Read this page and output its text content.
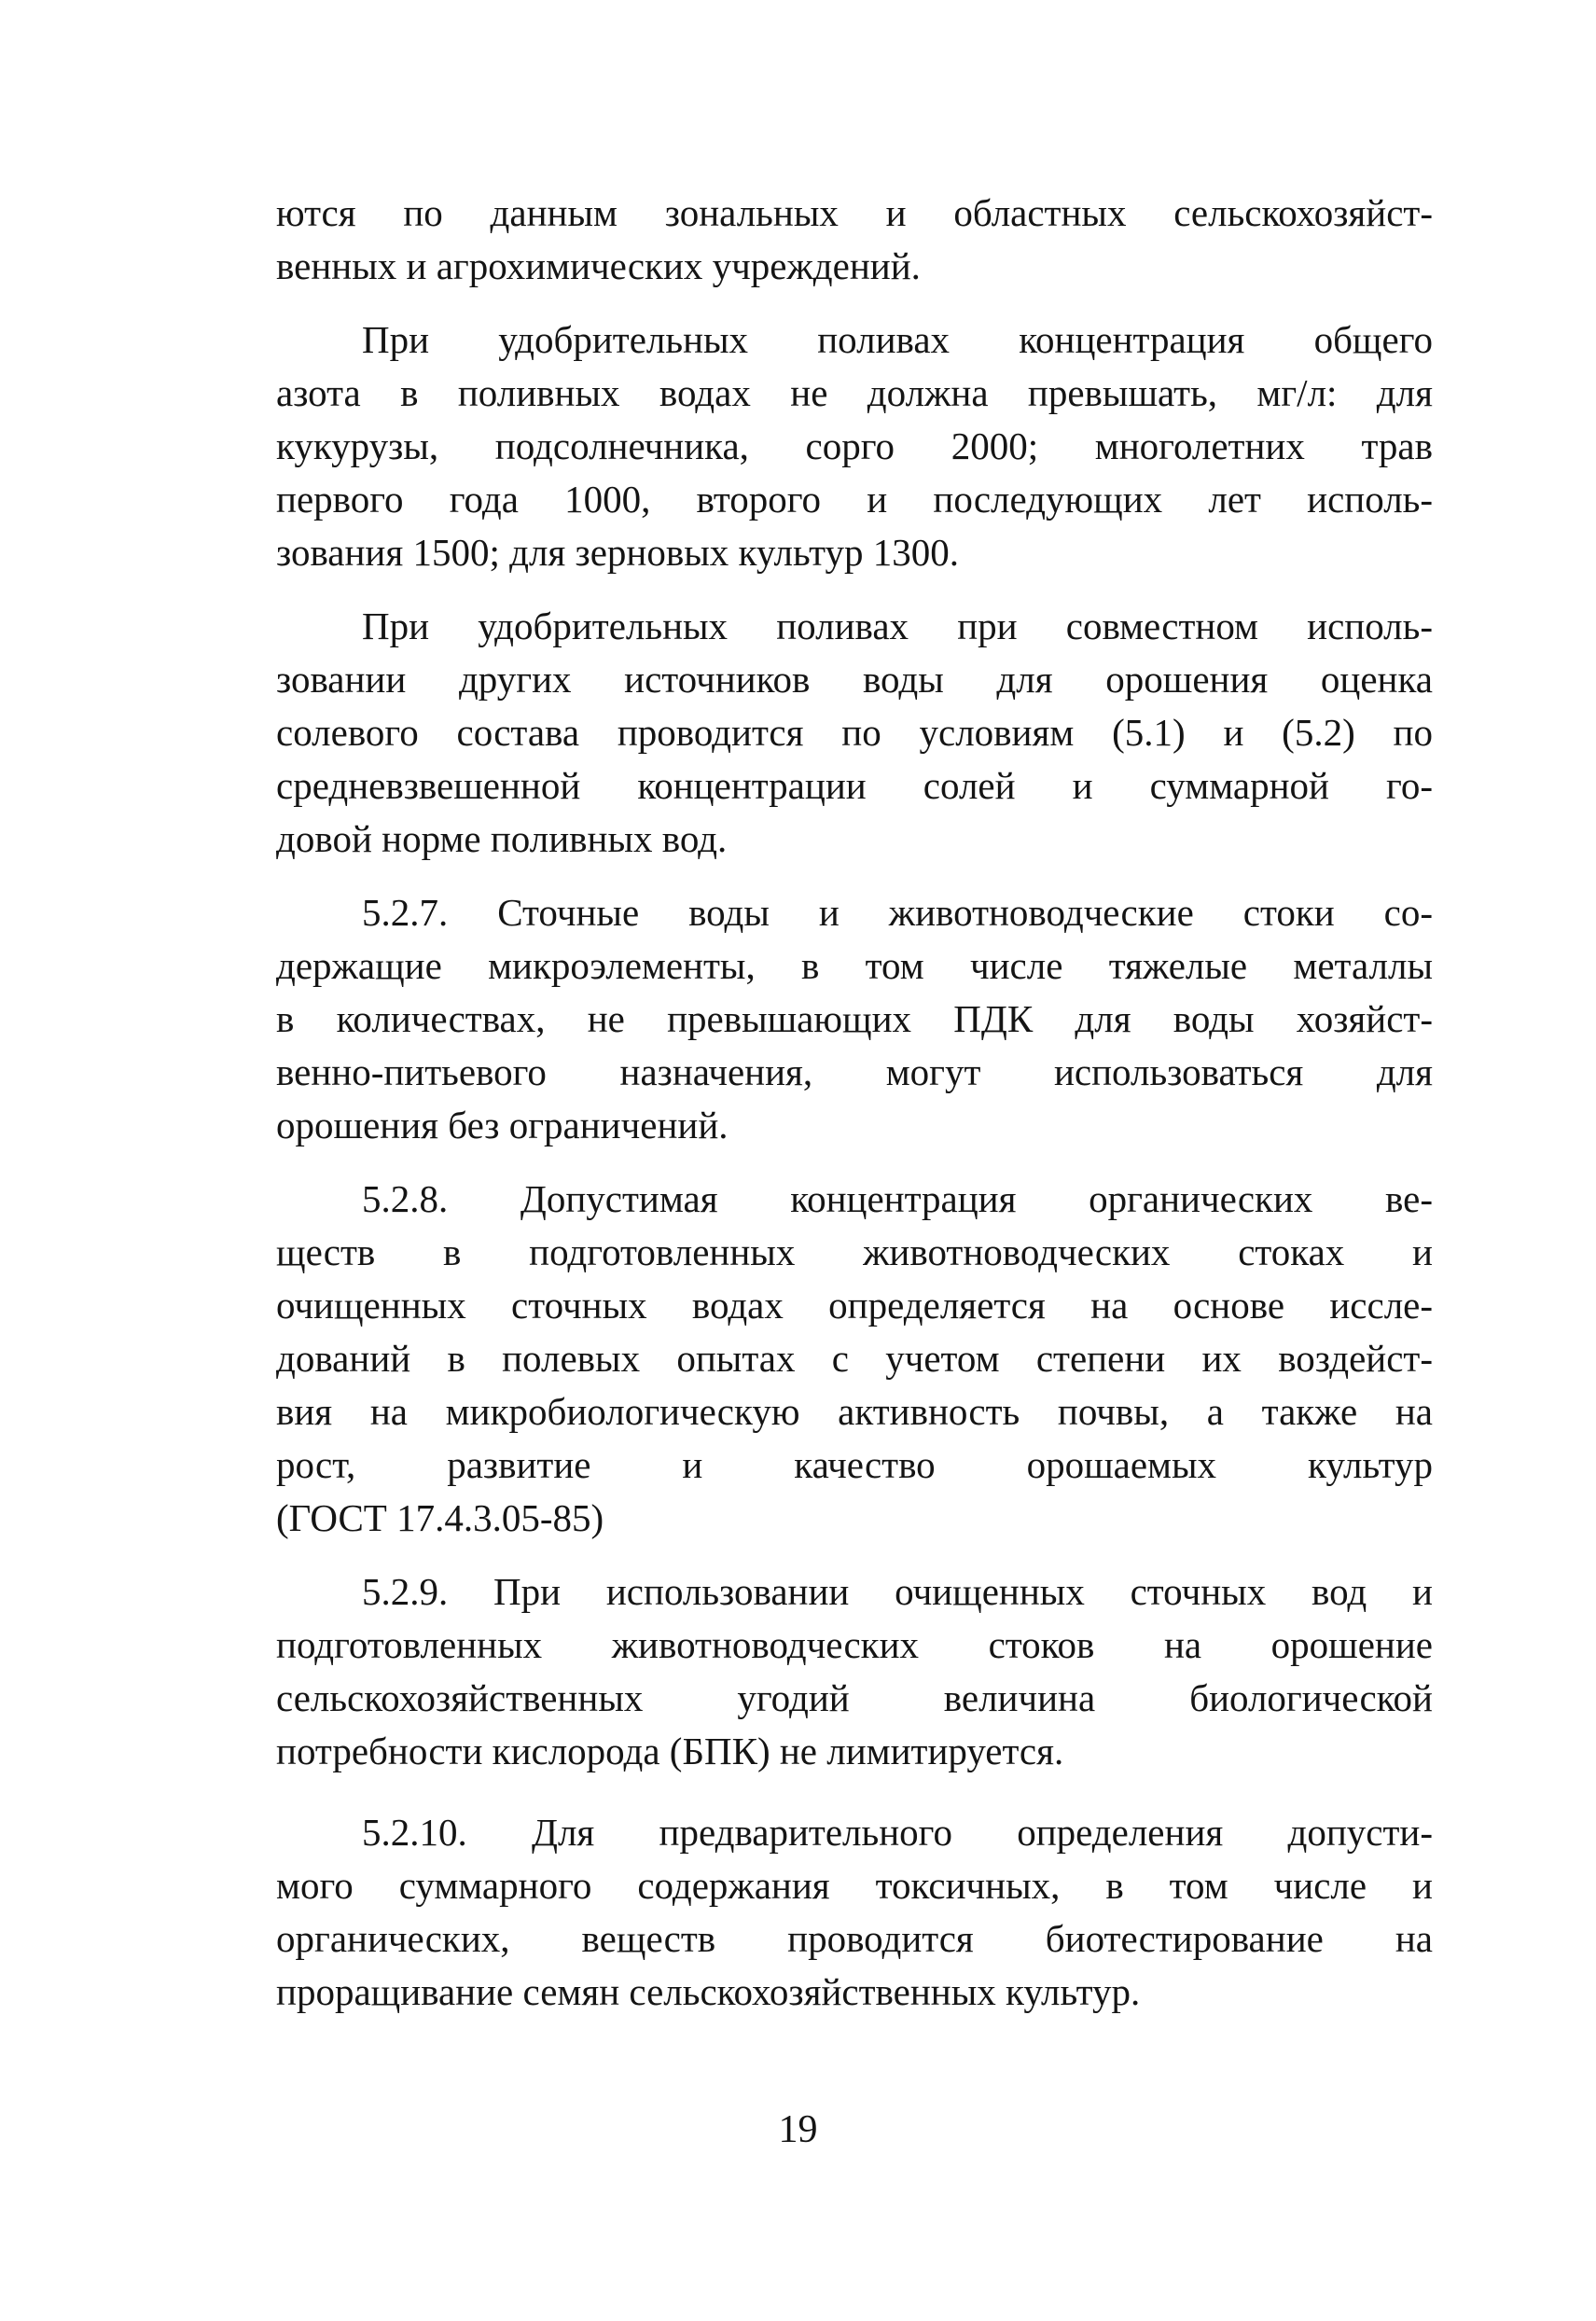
ются по данным зональных и областных сельскохозяйст-
венных и агрохимических учреждений.

При удобрительных поливах концентрация общего
азота в поливных водах не должна превышать, мг/л: для
кукурузы, подсолнечника, сорго 2000; многолетних трав
первого года 1000, второго и последующих лет исполь-
зования 1500; для зерновых культур 1300.

При удобрительных поливах при совместном исполь-
зовании других источников воды для орошения оценка
солевого состава проводится по условиям (5.1) и (5.2) по
средневзвешенной концентрации солей и суммарной го-
довой норме поливных вод.

5.2.7. Сточные воды и животноводческие стоки со-
держащие микроэлементы, в том числе тяжелые металлы
в количествах, не превышающих ПДК для воды хозяйст-
венно-питьевого назначения, могут использоваться для
орошения без ограничений.

5.2.8. Допустимая концентрация органических ве-
ществ в подготовленных животноводческих стоках и
очищенных сточных водах определяется на основе иссле-
дований в полевых опытах с учетом степени их воздейст-
вия на микробиологическую активность почвы, а также на
рост, развитие и качество орошаемых культур
(ГОСТ 17.4.3.05-85)

5.2.9. При использовании очищенных сточных вод и
подготовленных животноводческих стоков на орошение
сельскохозяйственных угодий величина биологической
потребности кислорода (БПК) не лимитируется.

5.2.10. Для предварительного определения допусти-
мого суммарного содержания токсичных, в том числе и
органических, веществ проводится биотестирование на
проращивание семян сельскохозяйственных культур.

19
